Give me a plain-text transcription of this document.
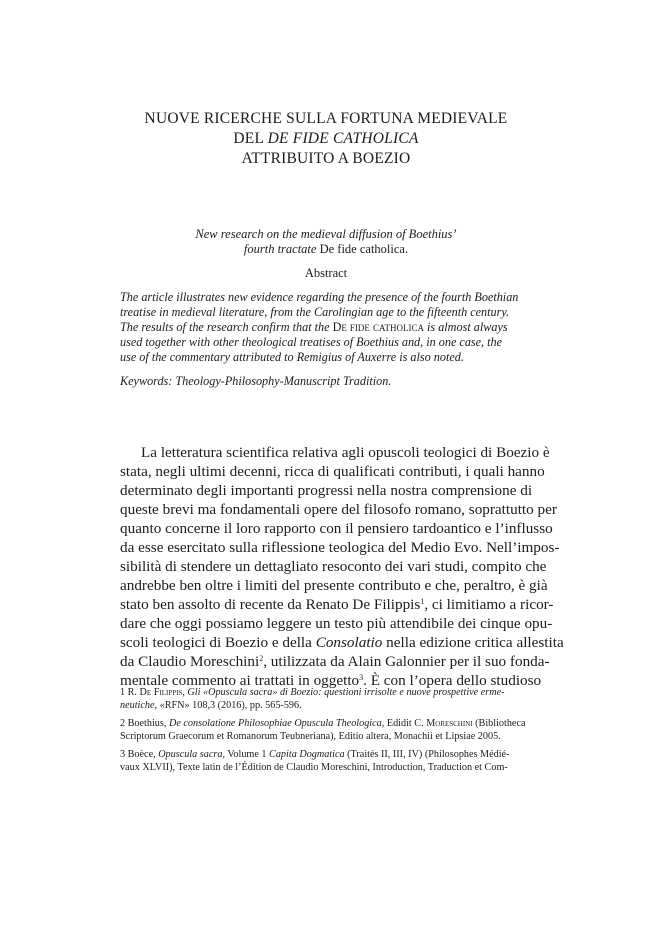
NUOVE RICERCHE SULLA FORTUNA MEDIEVALE
DEL DE FIDE CATHOLICA
ATTRIBUITO A BOEZIO
New research on the medieval diffusion of Boethius’
fourth tractate De fide catholica.
Abstract
The article illustrates new evidence regarding the presence of the fourth Boethian
treatise in medieval literature, from the Carolingian age to the fifteenth century.
The results of the research confirm that the De fide catholica is almost always
used together with other theological treatises of Boethius and, in one case, the
use of the commentary attributed to Remigius of Auxerre is also noted.
Keywords: Theology-Philosophy-Manuscript Tradition.
La letteratura scientifica relativa agli opuscoli teologici di Boezio è
stata, negli ultimi decenni, ricca di qualificati contributi, i quali hanno
determinato degli importanti progressi nella nostra comprensione di
queste brevi ma fondamentali opere del filosofo romano, soprattutto per
quanto concerne il loro rapporto con il pensiero tardoantico e l’influsso
da esse esercitato sulla riflessione teologica del Medio Evo. Nell’impos-
sibilità di stendere un dettagliato resoconto dei vari studi, compito che
andrebbe ben oltre i limiti del presente contributo e che, peraltro, è già
stato ben assolto di recente da Renato De Filippis$^1$, ci limitiamo a ricor-
dare che oggi possiamo leggere un testo più attendibile dei cinque opu-
scoli teologici di Boezio e della Consolatio nella edizione critica allestita
da Claudio Moreschini$^2$, utilizzata da Alain Galonnier per il suo fonda-
mentale commento ai trattati in oggetto$^3$. È con l’opera dello studioso
1 R. De Filippis, Gli «Opuscula sacra» di Boezio: questioni irrisolte e nuove prospettive erme-
neutiche, «RFN» 108,3 (2016), pp. 565-596.
2 Boethius, De consolatione Philosophiae Opuscula Theologica, Edidit C. Moreschini (Bibliotheca
Scriptorum Graecorum et Romanorum Teubneriana), Editio altera, Monachii et Lipsiae 2005.
3 Boèce, Opuscula sacra, Volume 1 Capita Dogmatica (Traités II, III, IV) (Philosophes Médié-
vaux XLVII), Texte latin de l’Édition de Claudio Moreschini, Introduction, Traduction et Com-
